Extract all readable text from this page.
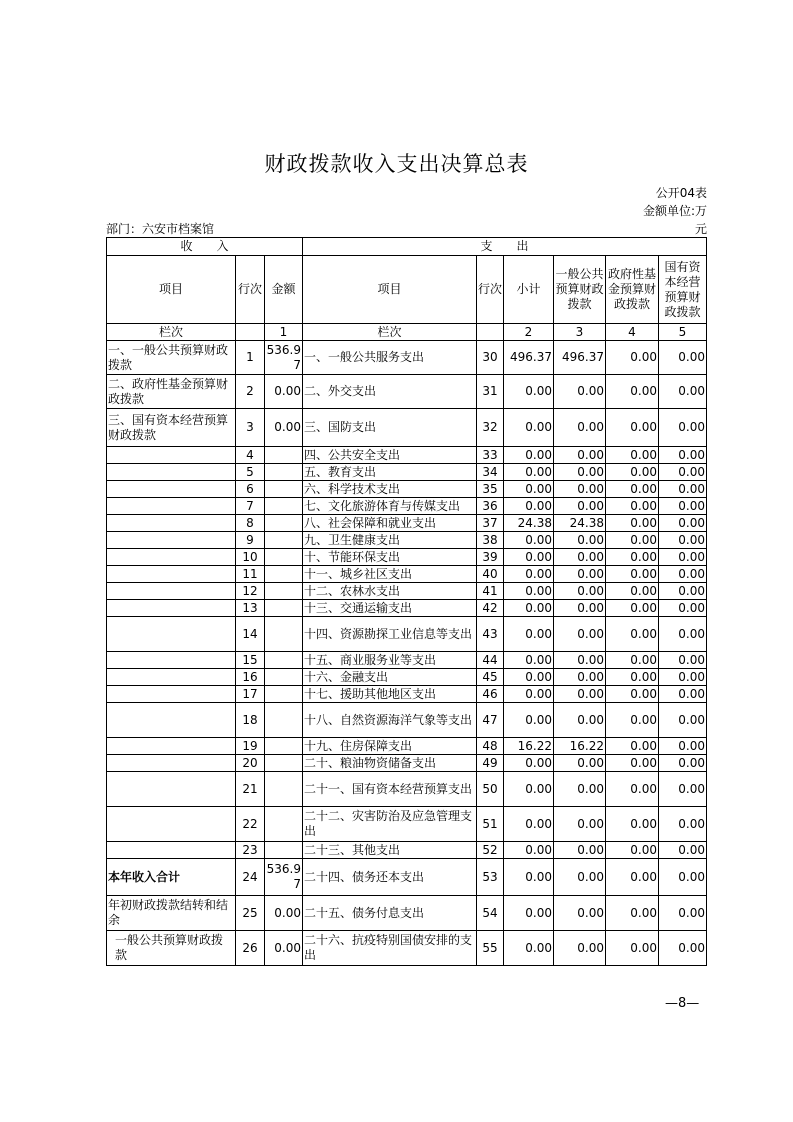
财政拨款收入支出决算总表
公开04表
金额单位:万
部门：六安市档案馆	元
收　　入			支　　出					
项目	行次	金额	项目	行次	小计	一般公共预算财政拨款	政府性基金预算财政拨款	国有资本经营预算财政拨款
栏次		1	栏次		2	3	4	5
一、一般公共预算财政拨款	1	536.97	一、一般公共服务支出	30	496.37	496.37	0.00	0.00
二、政府性基金预算财政拨款	2	0.00	二、外交支出	31	0.00	0.00	0.00	0.00
三、国有资本经营预算财政拨款	3	0.00	三、国防支出	32	0.00	0.00	0.00	0.00
	4		四、公共安全支出	33	0.00	0.00	0.00	0.00
	5		五、教育支出	34	0.00	0.00	0.00	0.00
	6		六、科学技术支出	35	0.00	0.00	0.00	0.00
	7		七、文化旅游体育与传媒支出	36	0.00	0.00	0.00	0.00
	8		八、社会保障和就业支出	37	24.38	24.38	0.00	0.00
	9		九、卫生健康支出	38	0.00	0.00	0.00	0.00
	10		十、节能环保支出	39	0.00	0.00	0.00	0.00
	11		十一、城乡社区支出	40	0.00	0.00	0.00	0.00
	12		十二、农林水支出	41	0.00	0.00	0.00	0.00
	13		十三、交通运输支出	42	0.00	0.00	0.00	0.00
	14		十四、资源勘探工业信息等支出	43	0.00	0.00	0.00	0.00
	15		十五、商业服务业等支出	44	0.00	0.00	0.00	0.00
	16		十六、金融支出	45	0.00	0.00	0.00	0.00
	17		十七、援助其他地区支出	46	0.00	0.00	0.00	0.00
	18		十八、自然资源海洋气象等支出	47	0.00	0.00	0.00	0.00
	19		十九、住房保障支出	48	16.22	16.22	0.00	0.00
	20		二十、粮油物资储备支出	49	0.00	0.00	0.00	0.00
	21		二十一、国有资本经营预算支出	50	0.00	0.00	0.00	0.00
	22		二十二、灾害防治及应急管理支出	51	0.00	0.00	0.00	0.00
	23		二十三、其他支出	52	0.00	0.00	0.00	0.00
本年收入合计	24	536.97	二十四、债务还本支出	53	0.00	0.00	0.00	0.00
年初财政拨款结转和结余	25	0.00	二十五、债务付息支出	54	0.00	0.00	0.00	0.00
一般公共预算财政拨款	26	0.00	二十六、抗疫特别国债安排的支出	55	0.00	0.00	0.00	0.00
—8—
